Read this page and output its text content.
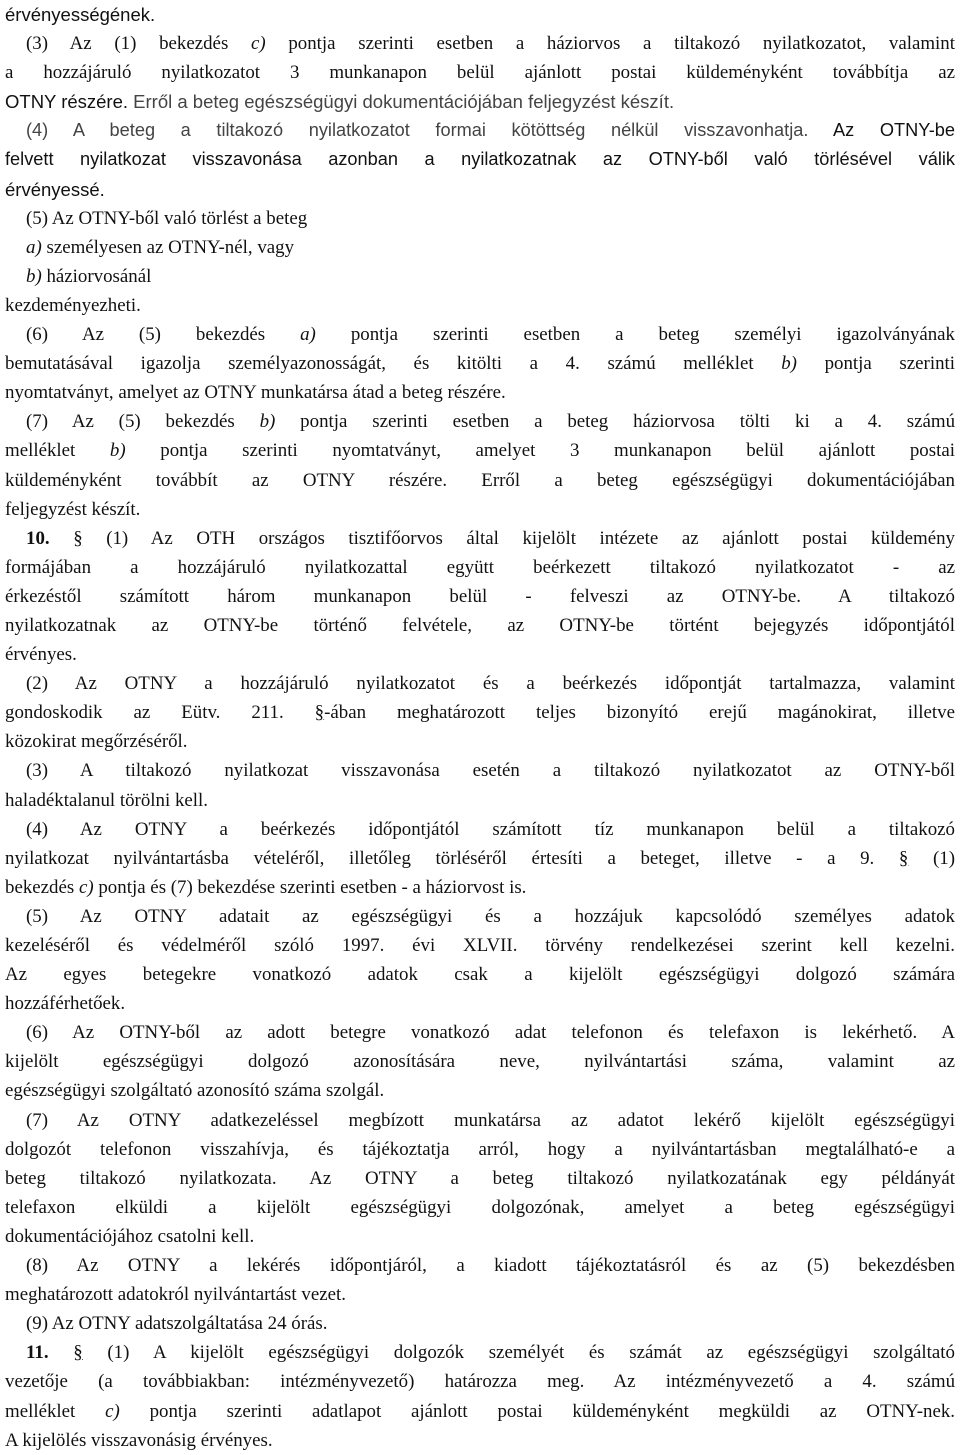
érvényességének.
(3) Az (1) bekezdés c) pontja szerinti esetben a háziorvos a tiltakozó nyilatkozatot, valamint
a hozzájáruló nyilatkozatot 3 munkanapon belül ajánlott postai küldeményként továbbítja az
OTNY részére. Erről a beteg egészségügyi dokumentációjában feljegyzést készít.
(4) A beteg a tiltakozó nyilatkozatot formai kötöttség nélkül visszavonhatja. Az OTNY-be
felvett nyilatkozat visszavonása azonban a nyilatkozatnak az OTNY-ből való törlésével válik
érvényessé.
(5) Az OTNY-ből való törlést a beteg
a) személyesen az OTNY-nél, vagy
b) háziorvosánál
kezdeményezheti.
(6) Az (5) bekezdés a) pontja szerinti esetben a beteg személyi igazolványának
bemutatásával igazolja személyazonosságát, és kitölti a 4. számú melléklet b) pontja szerinti
nyomtatványt, amelyet az OTNY munkatársa átad a beteg részére.
(7) Az (5) bekezdés b) pontja szerinti esetben a beteg háziorvosa tölti ki a 4. számú
melléklet b) pontja szerinti nyomtatványt, amelyet 3 munkanapon belül ajánlott postai
küldeményként továbbít az OTNY részére. Erről a beteg egészségügyi dokumentációjában
feljegyzést készít.
10. § (1) Az OTH országos tisztifőorvos által kijelölt intézete az ajánlott postai küldemény
formájában a hozzájáruló nyilatkozattal együtt beérkezett tiltakozó nyilatkozatot - az
érkezéstől számított három munkanapon belül - felveszi az OTNY-be. A tiltakozó
nyilatkozatnak az OTNY-be történő felvétele, az OTNY-be történt bejegyzés időpontjától
érvényes.
(2) Az OTNY a hozzájáruló nyilatkozatot és a beérkezés időpontját tartalmazza, valamint
gondoskodik az Eütv. 211. §-ában meghatározott teljes bizonyító erejű magánokirat, illetve
közokirat megőrzéséről.
(3) A tiltakozó nyilatkozat visszavonása esetén a tiltakozó nyilatkozatot az OTNY-ből
haladéktalanul törölni kell.
(4) Az OTNY a beérkezés időpontjától számított tíz munkanapon belül a tiltakozó
nyilatkozat nyilvántartásba vételéről, illetőleg törléséről értesíti a beteget, illetve - a 9. § (1)
bekezdés c) pontja és (7) bekezdése szerinti esetben - a háziorvost is.
(5) Az OTNY adatait az egészségügyi és a hozzájuk kapcsolódó személyes adatok
kezeléséről és védelméről szóló 1997. évi XLVII. törvény rendelkezései szerint kell kezelni.
Az egyes betegekre vonatkozó adatok csak a kijelölt egészségügyi dolgozó számára
hozzáférhetőek.
(6) Az OTNY-ből az adott betegre vonatkozó adat telefonon és telefaxon is lekérhető. A
kijelölt egészségügyi dolgozó azonosítására neve, nyilvántartási száma, valamint az
egészségügyi szolgáltató azonosító száma szolgál.
(7) Az OTNY adatkezeléssel megbízott munkatársa az adatot lekérő kijelölt egészségügyi
dolgozót telefonon visszahívja, és tájékoztatja arról, hogy a nyilvántartásban megtalálható-e a
beteg tiltakozó nyilatkozata. Az OTNY a beteg tiltakozó nyilatkozatának egy példányát
telefaxon elküldi a kijelölt egészségügyi dolgozónak, amelyet a beteg egészségügyi
dokumentációjához csatolni kell.
(8) Az OTNY a lekérés időpontjáról, a kiadott tájékoztatásról és az (5) bekezdésben
meghatározott adatokról nyilvántartást vezet.
(9) Az OTNY adatszolgáltatása 24 órás.
11. § (1) A kijelölt egészségügyi dolgozók személyét és számát az egészségügyi szolgáltató
vezetője (a továbbiakban: intézményvezető) határozza meg. Az intézményvezető a 4. számú
melléklet c) pontja szerinti adatlapot ajánlott postai küldeményként megküldi az OTNY-nek.
A kijelölés visszavonásig érvényes.
